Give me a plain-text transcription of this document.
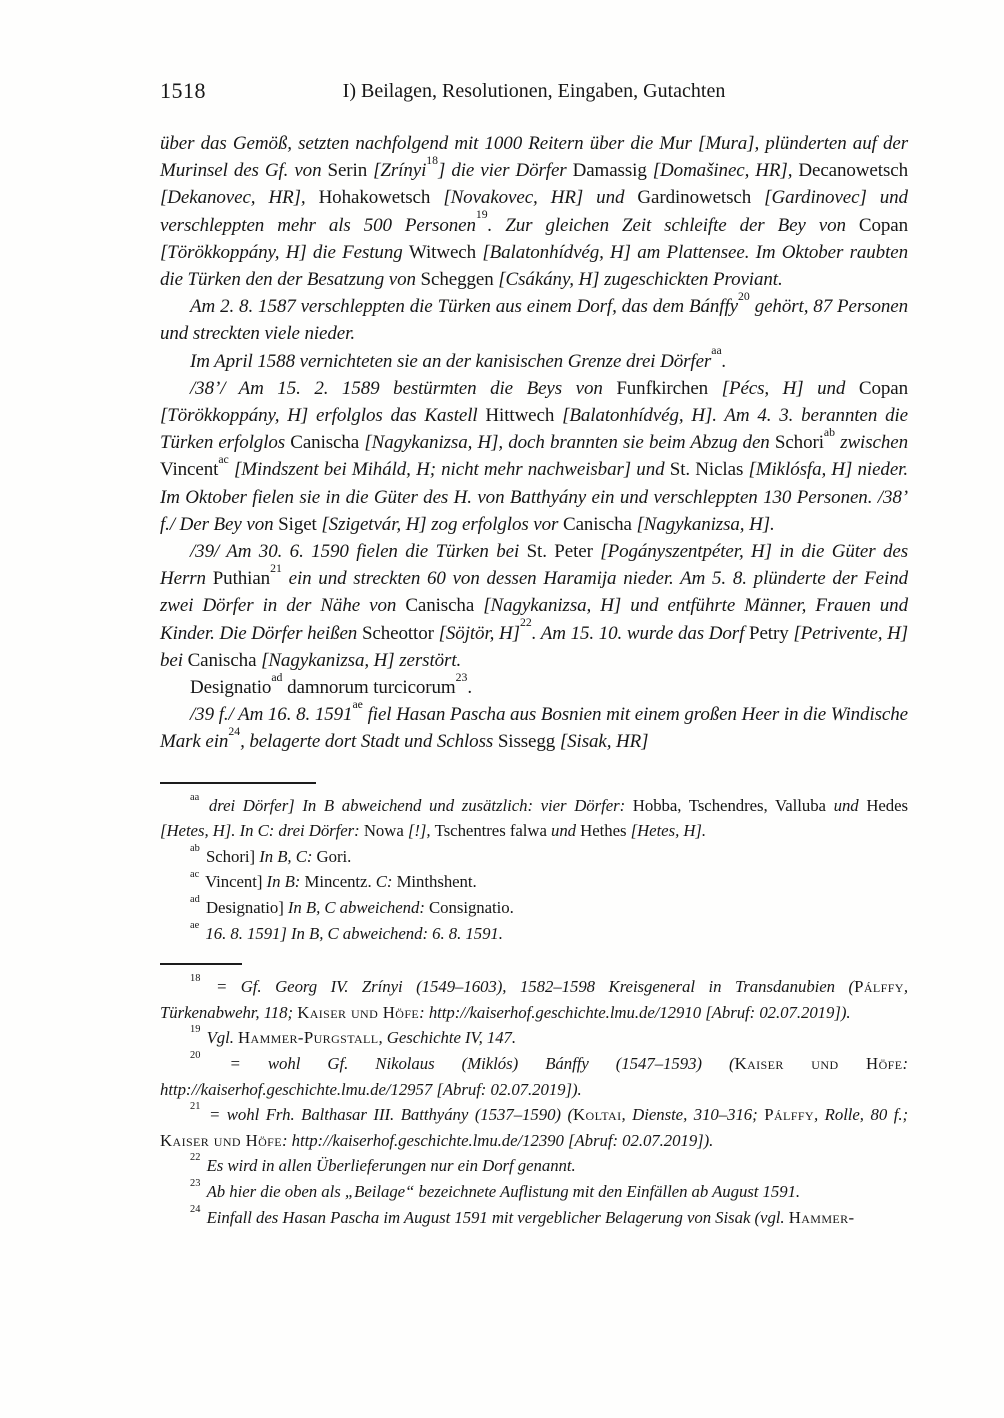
1518	I) Beilagen, Resolutionen, Eingaben, Gutachten

über das Gemöß, setzten nachfolgend mit 1000 Reitern über die Mur [Mura], plünderten auf der Murinsel des Gf. von Serin [Zrínyi$^{18}$] die vier Dörfer Damassig [Domašinec, HR], Decanowetsch [Dekanovec, HR], Hohakowetsch [Novakovec, HR] und Gardinowetsch [Gardinovec] und verschleppten mehr als 500 Personen$^{19}$. Zur gleichen Zeit schleifte der Bey von Copan [Törökkoppány, H] die Festung Witwech [Balatonhídvég, H] am Plattensee. Im Oktober raubten die Türken den der Besatzung von Scheggen [Csákány, H] zugeschickten Proviant.

Am 2. 8. 1587 verschleppten die Türken aus einem Dorf, das dem Bánffy$^{20}$ gehört, 87 Personen und streckten viele nieder.

Im April 1588 vernichteten sie an der kanisischen Grenze drei Dörfer$^{aa}$.

/38’/ Am 15. 2. 1589 bestürmten die Beys von Funfkirchen [Pécs, H] und Copan [Törökkoppány, H] erfolglos das Kastell Hittwech [Balatonhídvég, H]. Am 4. 3. berannten die Türken erfolglos Canischa [Nagykanizsa, H], doch brannten sie beim Abzug den Schori$^{ab}$ zwischen Vincent$^{ac}$ [Mindszent bei Miháld, H; nicht mehr nachweisbar] und St. Niclas [Miklósfa, H] nieder. Im Oktober fielen sie in die Güter des H. von Batthyány ein und verschleppten 130 Personen. /38’ f./ Der Bey von Siget [Szigetvár, H] zog erfolglos vor Canischa [Nagykanizsa, H].

/39/ Am 30. 6. 1590 fielen die Türken bei St. Peter [Pogányszentpéter, H] in die Güter des Herrn Puthian$^{21}$ ein und streckten 60 von dessen Haramija nieder. Am 5. 8. plünderte der Feind zwei Dörfer in der Nähe von Canischa [Nagykanizsa, H] und entführte Männer, Frauen und Kinder. Die Dörfer heißen Scheottor [Söjtör, H]$^{22}$. Am 15. 10. wurde das Dorf Petry [Petrivente, H] bei Canischa [Nagykanizsa, H] zerstört.

Designatio$^{ad}$ damnorum turcicorum$^{23}$.

/39 f./ Am 16. 8. $1591^{ae}$ fiel Hasan Pascha aus Bosnien mit einem großen Heer in die Windische Mark ein$^{24}$, belagerte dort Stadt und Schloss Sissegg [Sisak, HR]

$^{aa}$ drei Dörfer] In B abweichend und zusätzlich: vier Dörfer: Hobba, Tschendres, Valluba und Hedes [Hetes, H]. In C: drei Dörfer: Nowa [!], Tschentres falwa und Hethes [Hetes, H].

$^{ab}$ Schori] In B, C: Gori.

$^{ac}$ Vincent] In B: Mincentz. C: Minthshent.

$^{ad}$ Designatio] In B, C abweichend: Consignatio.

$^{ae}$ 16. 8. 1591] In B, C abweichend: 6. 8. 1591.

$^{18}$ = Gf. Georg IV. Zrínyi (1549–1603), 1582–1598 Kreisgeneral in Transdanubien (Pálffy, Türkenabwehr, 118; Kaiser und Höfe: http://kaiserhof.geschichte.lmu.de/12910 [Abruf: 02.07.2019]).

$^{19}$ Vgl. Hammer-Purgstall, Geschichte IV, 147.

$^{20}$ = wohl Gf. Nikolaus (Miklós) Bánffy (1547–1593) (Kaiser und Höfe: http://kaiserhof.geschichte.lmu.de/12957 [Abruf: 02.07.2019]).

$^{21}$ = wohl Frh. Balthasar III. Batthyány (1537–1590) (Koltai, Dienste, 310–316; Pálffy, Rolle, 80 f.; Kaiser und Höfe: http://kaiserhof.geschichte.lmu.de/12390 [Abruf: 02.07.2019]).

$^{22}$ Es wird in allen Überlieferungen nur ein Dorf genannt.

$^{23}$ Ab hier die oben als „Beilage“ bezeichnete Auflistung mit den Einfällen ab August 1591.

$^{24}$ Einfall des Hasan Pascha im August 1591 mit vergeblicher Belagerung von Sisak (vgl. Hammer-
